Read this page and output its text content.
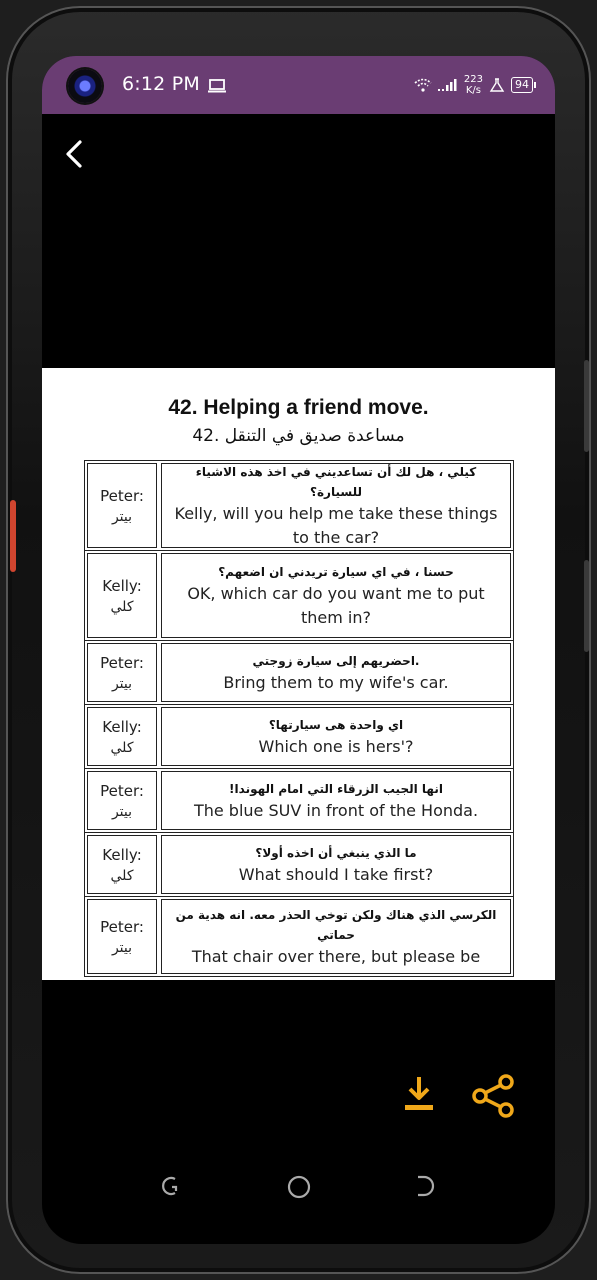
6:12 PM	223
K/s	94
42. Helping a friend move.
مساعدة صديق في التنقل .42
Peter:
بيتر
كيلي ، هل لك أن تساعديني في اخذ هذه الاشياء للسيارة؟
Kelly, will you help me take these things to the car?
Kelly:
كلي
حسنا ، في اي سيارة تريدني ان اضعهم؟
OK, which car do you want me to put them in?
Peter:
بيتر
.احضريهم إلى سيارة زوجتي
Bring them to my wife's car.
Kelly:
كلي
اي واحدة هى سيارتها؟
Which one is hers'?
Peter:
بيتر
انها الجيب الزرقاء التي امام الهوندا!
The blue SUV in front of the Honda.
Kelly:
كلي
ما الذي ينبغي أن اخذه أولا؟
What should I take first?
Peter:
بيتر
الكرسي الذي هناك ولكن توخي الحذر معه. انه هدية من حماتي
That chair over there, but please be
